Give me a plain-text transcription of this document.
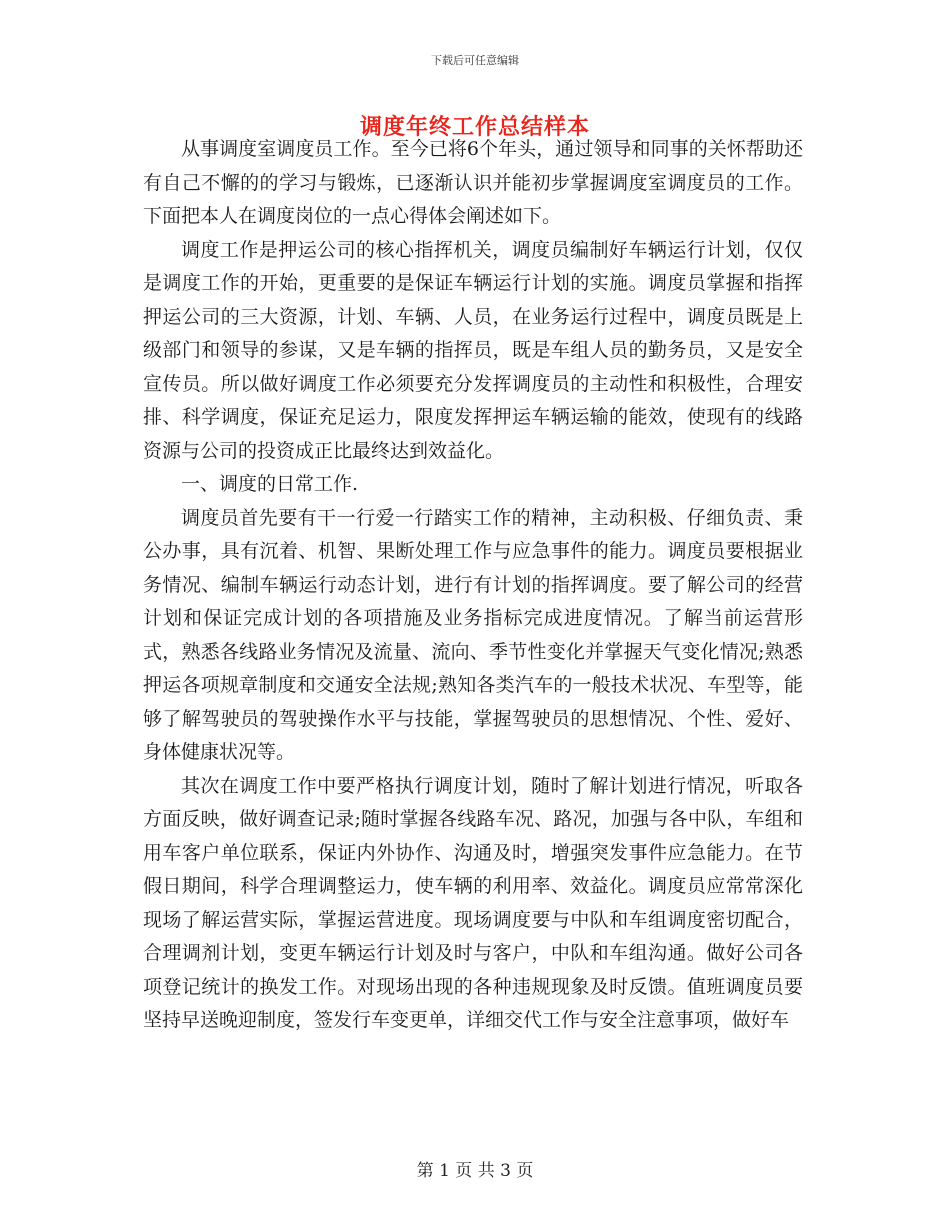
下载后可任意编辑
调度年终工作总结样本

从事调度室调度员工作。至今已将6个年头，通过领导和同事的关怀帮助还有自己不懈的的学习与锻炼，已逐渐认识并能初步掌握调度室调度员的工作。下面把本人在调度岗位的一点心得体会阐述如下。

调度工作是押运公司的核心指挥机关，调度员编制好车辆运行计划，仅仅是调度工作的开始，更重要的是保证车辆运行计划的实施。调度员掌握和指挥押运公司的三大资源，计划、车辆、人员，在业务运行过程中，调度员既是上级部门和领导的参谋，又是车辆的指挥员，既是车组人员的勤务员，又是安全宣传员。所以做好调度工作必须要充分发挥调度员的主动性和积极性，合理安排、科学调度，保证充足运力，限度发挥押运车辆运输的能效，使现有的线路资源与公司的投资成正比最终达到效益化。

一、调度的日常工作.

调度员首先要有干一行爱一行踏实工作的精神，主动积极、仔细负责、秉公办事，具有沉着、机智、果断处理工作与应急事件的能力。调度员要根据业务情况、编制车辆运行动态计划，进行有计划的指挥调度。要了解公司的经营计划和保证完成计划的各项措施及业务指标完成进度情况。了解当前运营形式，熟悉各线路业务情况及流量、流向、季节性变化并掌握天气变化情况;熟悉押运各项规章制度和交通安全法规;熟知各类汽车的一般技术状况、车型等，能够了解驾驶员的驾驶操作水平与技能，掌握驾驶员的思想情况、个性、爱好、身体健康状况等。

其次在调度工作中要严格执行调度计划，随时了解计划进行情况，听取各方面反映，做好调查记录;随时掌握各线路车况、路况，加强与各中队，车组和用车客户单位联系，保证内外协作、沟通及时，增强突发事件应急能力。在节假日期间，科学合理调整运力，使车辆的利用率、效益化。调度员应常常深化现场了解运营实际，掌握运营进度。现场调度要与中队和车组调度密切配合，合理调剂计划，变更车辆运行计划及时与客户，中队和车组沟通。做好公司各项登记统计的换发工作。对现场出现的各种违规现象及时反馈。值班调度员要坚持早送晚迎制度，签发行车变更单，详细交代工作与安全注意事项，做好车

第 1 页 共 3 页
